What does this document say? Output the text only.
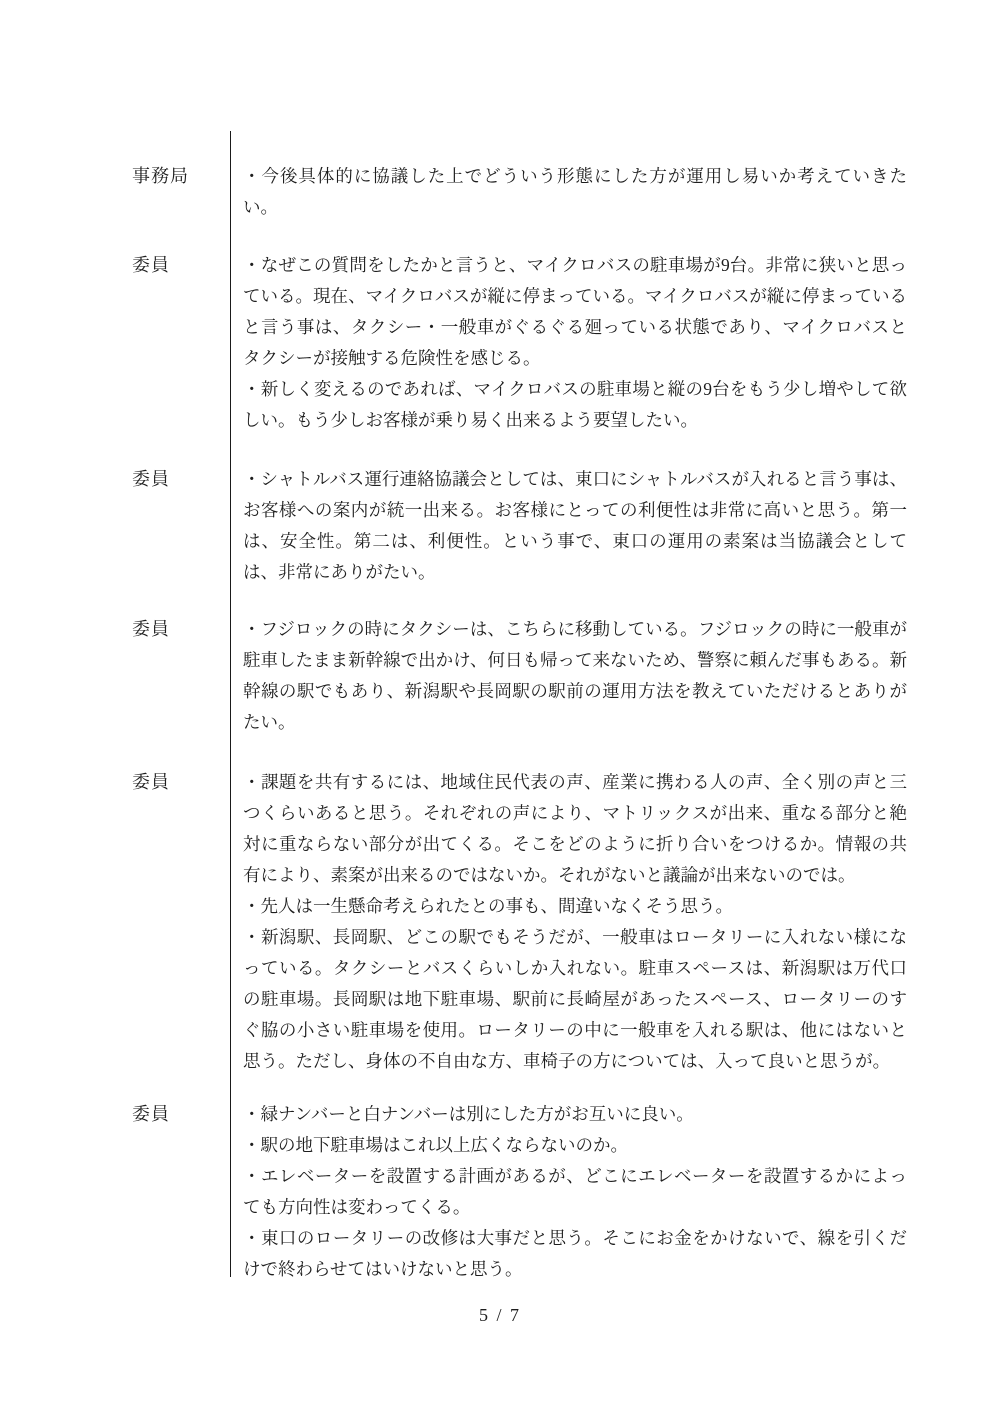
事務局	・今後具体的に協議した上でどういう形態にした方が運用し易いか考えていきたい。

委員	・なぜこの質問をしたかと言うと、マイクロバスの駐車場が9台。非常に狭いと思っている。現在、マイクロバスが縦に停まっている。マイクロバスが縦に停まっていると言う事は、タクシー・一般車がぐるぐる廻っている状態であり、マイクロバスとタクシーが接触する危険性を感じる。

・新しく変えるのであれば、マイクロバスの駐車場と縦の9台をもう少し増やして欲しい。もう少しお客様が乗り易く出来るよう要望したい。

委員	・シャトルバス運行連絡協議会としては、東口にシャトルバスが入れると言う事は、お客様への案内が統一出来る。お客様にとっての利便性は非常に高いと思う。第一は、安全性。第二は、利便性。という事で、東口の運用の素案は当協議会としては、非常にありがたい。

委員	・フジロックの時にタクシーは、こちらに移動している。フジロックの時に一般車が駐車したまま新幹線で出かけ、何日も帰って来ないため、警察に頼んだ事もある。新幹線の駅でもあり、新潟駅や長岡駅の駅前の運用方法を教えていただけるとありがたい。

委員	・課題を共有するには、地域住民代表の声、産業に携わる人の声、全く別の声と三つくらいあると思う。それぞれの声により、マトリックスが出来、重なる部分と絶対に重ならない部分が出てくる。そこをどのように折り合いをつけるか。情報の共有により、素案が出来るのではないか。それがないと議論が出来ないのでは。

・先人は一生懸命考えられたとの事も、間違いなくそう思う。

・新潟駅、長岡駅、どこの駅でもそうだが、一般車はロータリーに入れない様になっている。タクシーとバスくらいしか入れない。駐車スペースは、新潟駅は万代口の駐車場。長岡駅は地下駐車場、駅前に長崎屋があったスペース、ロータリーのすぐ脇の小さい駐車場を使用。ロータリーの中に一般車を入れる駅は、他にはないと思う。ただし、身体の不自由な方、車椅子の方については、入って良いと思うが。

委員	・緑ナンバーと白ナンバーは別にした方がお互いに良い。

・駅の地下駐車場はこれ以上広くならないのか。

・エレベーターを設置する計画があるが、どこにエレベーターを設置するかによっても方向性は変わってくる。

・東口のロータリーの改修は大事だと思う。そこにお金をかけないで、線を引くだけで終わらせてはいけないと思う。

5 / 7
